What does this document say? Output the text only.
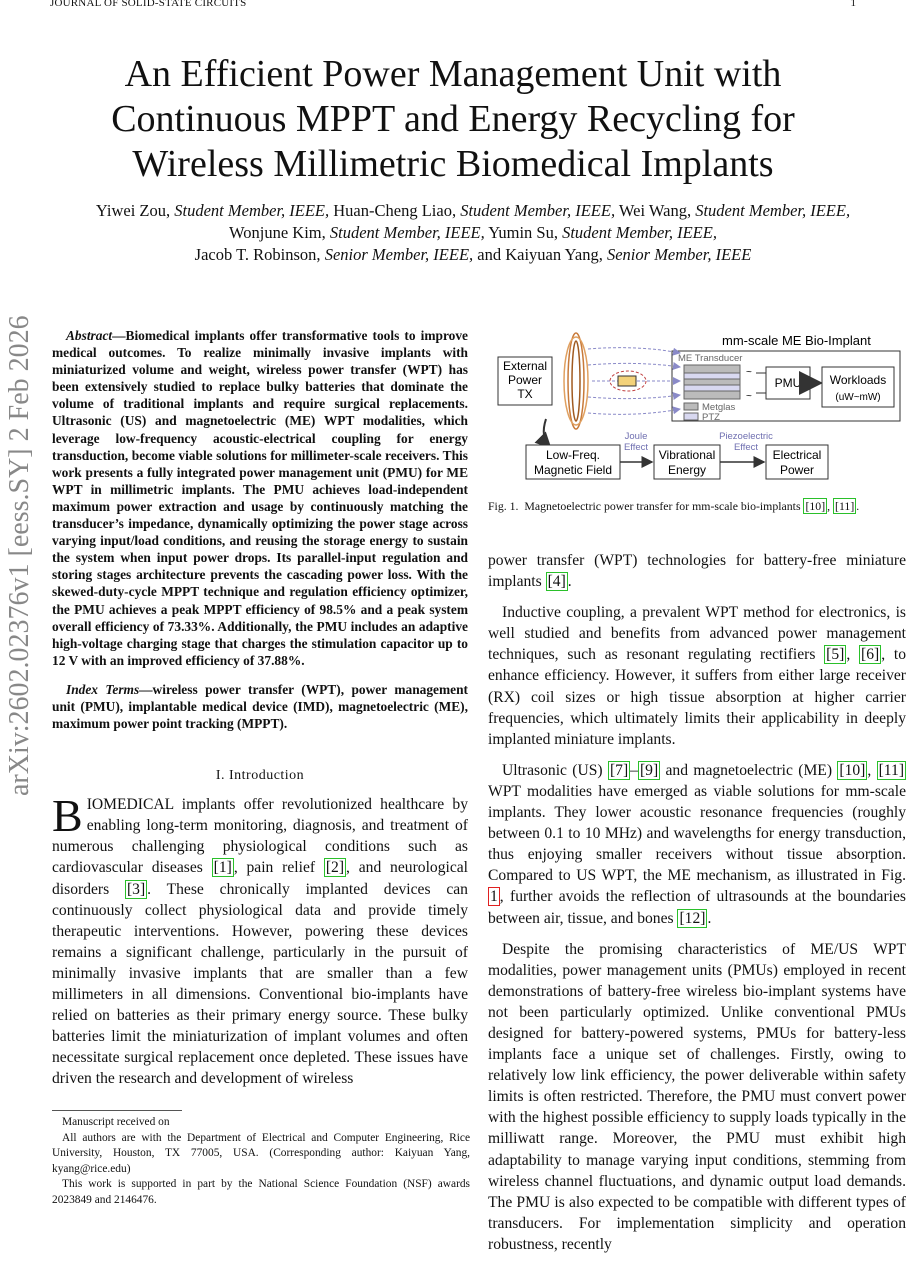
JOURNAL OF SOLID-STATE CIRCUITS	1
arXiv:2602.02376v1 [eess.SY] 2 Feb 2026
An Efficient Power Management Unit with Continuous MPPT and Energy Recycling for Wireless Millimetric Biomedical Implants
Yiwei Zou, Student Member, IEEE, Huan-Cheng Liao, Student Member, IEEE, Wei Wang, Student Member, IEEE,
Wonjune Kim, Student Member, IEEE, Yumin Su, Student Member, IEEE,
Jacob T. Robinson, Senior Member, IEEE, and Kaiyuan Yang, Senior Member, IEEE

Abstract—Biomedical implants offer transformative tools to improve medical outcomes. To realize minimally invasive implants with miniaturized volume and weight, wireless power transfer (WPT) has been extensively studied to replace bulky batteries that dominate the volume of traditional implants and require surgical replacements. Ultrasonic (US) and magnetoelectric (ME) WPT modalities, which leverage low-frequency acoustic-electrical coupling for energy transduction, become viable solutions for millimeter-scale receivers. This work presents a fully integrated power management unit (PMU) for ME WPT in millimetric implants. The PMU achieves load-independent maximum power extraction and usage by continuously matching the transducer’s impedance, dynamically optimizing the power stage across varying input/load conditions, and reusing the storage energy to sustain the system when input power drops. Its parallel-input regulation and storing stages architecture prevents the cascading power loss. With the skewed-duty-cycle MPPT technique and regulation efficiency optimizer, the PMU achieves a peak MPPT efficiency of 98.5% and a peak system overall efficiency of 73.33%. Additionally, the PMU includes an adaptive high-voltage charging stage that charges the stimulation capacitor up to 12 V with an improved efficiency of 37.88%.

Index Terms—wireless power transfer (WPT), power management unit (PMU), implantable medical device (IMD), magnetoelectric (ME), maximum power point tracking (MPPT).

I. Introduction

BIOMEDICAL implants offer revolutionized healthcare by enabling long-term monitoring, diagnosis, and treatment of numerous challenging physiological conditions such as cardiovascular diseases [1] , pain relief [2] , and neurological disorders [3] . These chronically implanted devices can continuously collect physiological data and provide timely therapeutic interventions. However, powering these devices remains a significant challenge, particularly in the pursuit of minimally invasive implants that are smaller than a few millimeters in all dimensions. Conventional bio-implants have relied on batteries as their primary energy source. These bulky batteries limit the miniaturization of implant volumes and often necessitate surgical replacement once depleted. These issues have driven the research and development of wireless

Manuscript received on

All authors are with the Department of Electrical and Computer Engineering, Rice University, Houston, TX 77005, USA. (Corresponding author: Kaiyuan Yang, kyang@rice.edu)

This work is supported in part by the National Science Foundation (NSF) awards 2023849 and 2146476.

mm-scale ME Bio-Implant
External
Power
TX
ME Transducer
Metglas
PTZ
~
~
PMU Workloads
(uW~mW)
Low-Freq.
Magnetic Field
Joule
Effect
Vibrational
Energy
Piezoelectric
Effect
Electrical
Power

Fig. 1. Magnetoelectric power transfer for mm-scale bio-implants [10] , [11] .

power transfer (WPT) technologies for battery-free miniature implants [4] .

Inductive coupling, a prevalent WPT method for electronics, is well studied and benefits from advanced power management techniques, such as resonant regulating rectifiers [5] , [6] , to enhance efficiency. However, it suffers from either large receiver (RX) coil sizes or high tissue absorption at higher carrier frequencies, which ultimately limits their applicability in deeply implanted miniature implants.

Ultrasonic (US) [7] – [9] and magnetoelectric (ME) [10] , [11] WPT modalities have emerged as viable solutions for mm-scale implants. They lower acoustic resonance frequencies (roughly between 0.1 to 10 MHz) and wavelengths for energy transduction, thus enjoying smaller receivers without tissue absorption. Compared to US WPT, the ME mechanism, as illustrated in Fig. 1 , further avoids the reflection of ultrasounds at the boundaries between air, tissue, and bones [12] .

Despite the promising characteristics of ME/US WPT modalities, power management units (PMUs) employed in recent demonstrations of battery-free wireless bio-implant systems have not been particularly optimized. Unlike conventional PMUs designed for battery-powered systems, PMUs for battery-less implants face a unique set of challenges. Firstly, owing to relatively low link efficiency, the power deliverable within safety limits is often restricted. Therefore, the PMU must convert power with the highest possible efficiency to supply loads typically in the milliwatt range. Moreover, the PMU must exhibit high adaptability to manage varying input conditions, stemming from wireless channel fluctuations, and dynamic output load demands. The PMU is also expected to be compatible with different types of transducers. For implementation simplicity and operation robustness, recently
